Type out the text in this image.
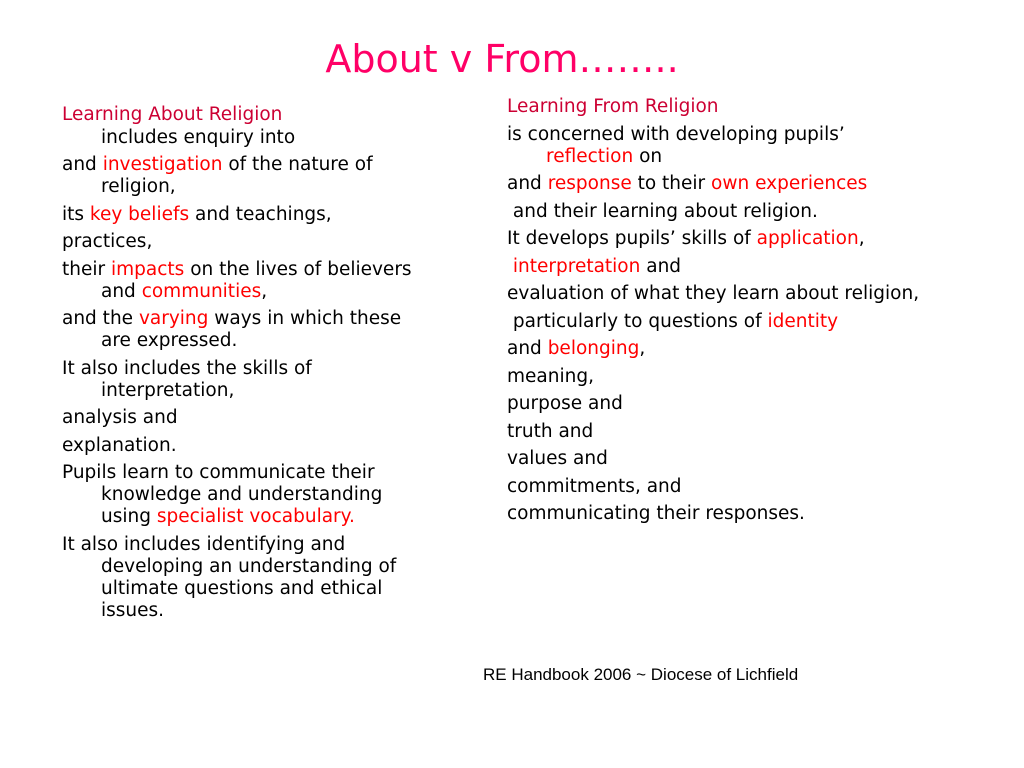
About v From……..

Learning About Religion

includes enquiry into

and investigation of the nature of religion,

its key beliefs and teachings,

practices,

their impacts on the lives of believers and communities,

and the varying ways in which these are expressed.

It also includes the skills of interpretation,

analysis and

explanation.

Pupils learn to communicate their knowledge and understanding using specialist vocabulary.

It also includes identifying and developing an understanding of ultimate questions and ethical issues.

Learning From Religion

is concerned with developing pupils’ reflection on

and response to their own experiences

and their learning about religion.

It develops pupils’ skills of application,

interpretation and

evaluation of what they learn about religion,

particularly to questions of identity

and belonging,

meaning,

purpose and

truth and

values and

commitments, and

communicating their responses.

RE Handbook 2006 ~ Diocese of Lichfield
